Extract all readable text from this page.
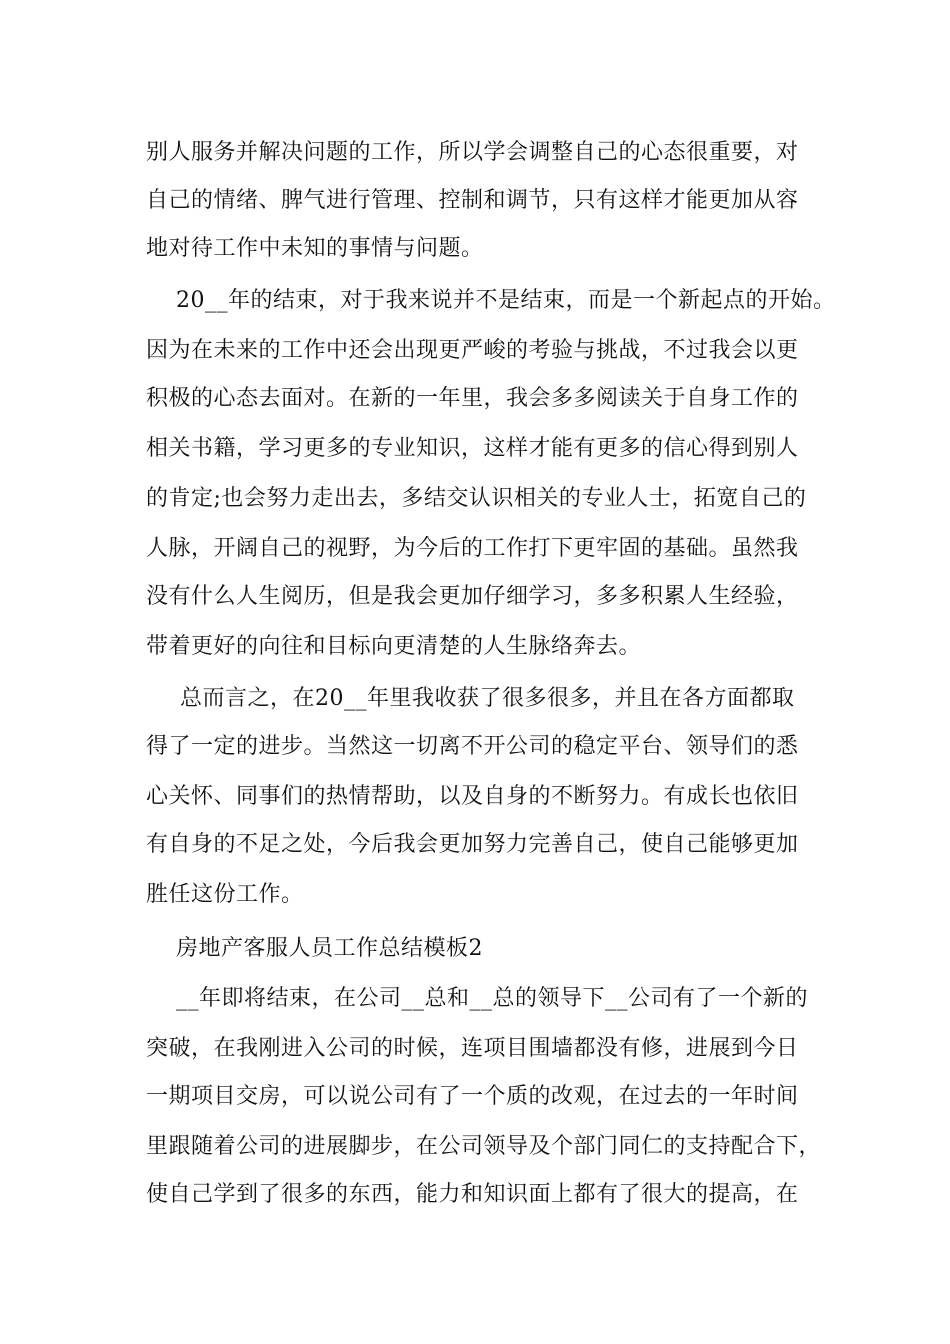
别人服务并解决问题的工作，所以学会调整自己的心态很重要，对
自己的情绪、脾气进行管理、控制和调节，只有这样才能更加从容
地对待工作中未知的事情与问题。
20__年的结束，对于我来说并不是结束，而是一个新起点的开始。
因为在未来的工作中还会出现更严峻的考验与挑战，不过我会以更
积极的心态去面对。在新的一年里，我会多多阅读关于自身工作的
相关书籍，学习更多的专业知识，这样才能有更多的信心得到别人
的肯定;也会努力走出去，多结交认识相关的专业人士，拓宽自己的
人脉，开阔自己的视野，为今后的工作打下更牢固的基础。虽然我
没有什么人生阅历，但是我会更加仔细学习，多多积累人生经验，
带着更好的向往和目标向更清楚的人生脉络奔去。
总而言之，在20__年里我收获了很多很多，并且在各方面都取
得了一定的进步。当然这一切离不开公司的稳定平台、领导们的悉
心关怀、同事们的热情帮助，以及自身的不断努力。有成长也依旧
有自身的不足之处，今后我会更加努力完善自己，使自己能够更加
胜任这份工作。
房地产客服人员工作总结模板2
__年即将结束，在公司__总和__总的领导下__公司有了一个新的
突破，在我刚进入公司的时候，连项目围墙都没有修，进展到今日
一期项目交房，可以说公司有了一个质的改观，在过去的一年时间
里跟随着公司的进展脚步，在公司领导及个部门同仁的支持配合下，
使自己学到了很多的东西，能力和知识面上都有了很大的提高，在
